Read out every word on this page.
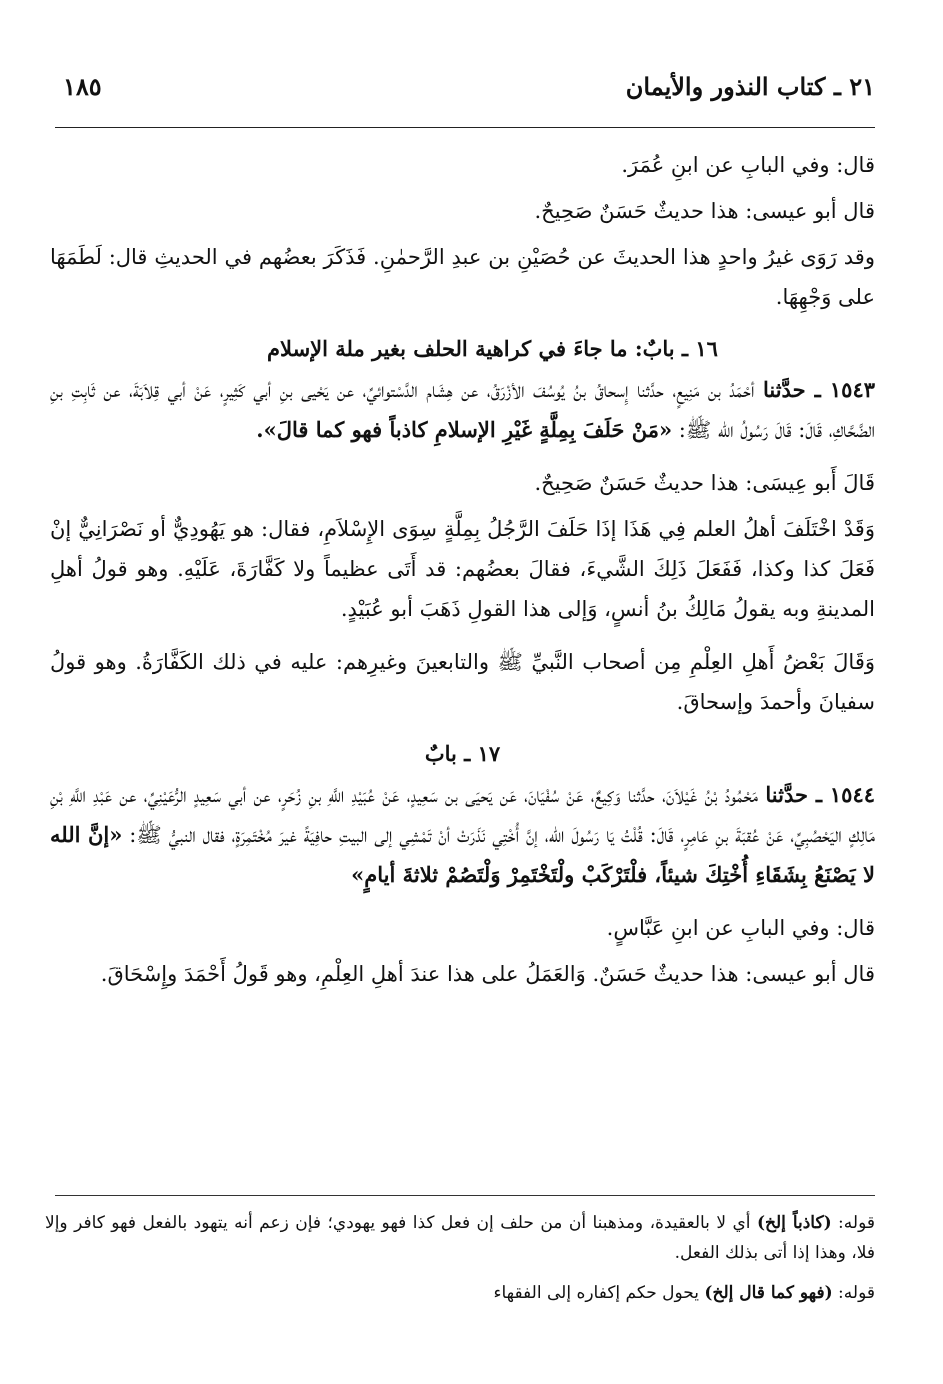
٢١ ـ كتاب النذور والأيمان
١٨٥

قال: وفي البابِ عن ابنِ عُمَرَ.

قال أبو عيسى: هذا حديثٌ حَسَنٌ صَحِيحٌ.

وقد رَوَى غيرُ واحدٍ هذا الحديثَ عن حُصَيْنِ بن عبدِ الرَّحمٰنِ. فَذَكَرَ بعضُهم في الحديثِ قال: لَطَمَهَا على وَجْهِهَا.

١٦ ـ بابٌ: ما جاءَ في كراهية الحلف بغير ملة الإسلام

١٥٤٣ ـ حدَّثنا أحْمَدُ بن مَنِيعٍ، حدَّثنا إِسحاقُ بنُ يُوسُفَ الأزْرَقُ، عن هِشَام الدَّسْتوائيِّ، عن يَحْيى بنِ أبي كَثِيرٍ، عَنْ أبي قِلاَبَةَ، عن ثَابِتِ بنِ الضَّحَّاكِ، قَالَ: قَالَ رَسُولُ الله ﷺ: «مَنْ حَلَفَ بِمِلَّةٍ غَيْرِ الإسلامِ كاذباً فهو كما قالَ».

قَالَ أَبو عِيسَى: هذا حديثٌ حَسَنٌ صَحِيحٌ.

وَقَدْ اخْتَلَفَ أهلُ العلم فِي هَذَا إذَا حَلَفَ الرَّجُلُ بِمِلَّةٍ سِوَى الإِسْلاَمِ، فقال: هو يَهُودِيٌّ أو نَصْرَانِيٌّ إنْ فَعَلَ كذا وكذا، فَفَعَلَ ذَلِكَ الشَّيءَ، فقالَ بعضُهم: قد أَتَى عظيماً ولا كَفَّارَةَ، عَلَيْهِ. وهو قولُ أهلِ المدينةِ وبه يقولُ مَالِكُ بنُ أنسٍ، وَإلى هذا القولِ ذَهَبَ أبو عُبَيْدٍ.

وَقَالَ بَعْضُ أَهلِ العِلْمِ مِن أصحاب النَّبيِّ ﷺ والتابعينَ وغيرِهم: عليه في ذلك الكَفَّارَةُ. وهو قولُ سفيانَ وأحمدَ وإسحاقَ.

١٧ ـ بابٌ

١٥٤٤ ـ حدَّثنا مَحْمُودُ بْنُ غَيْلاَنَ، حدَّثنا وَكِيعٌ، عَنْ سُفْيَانَ، عَن يَحيَى بن سَعِيدٍ، عَنْ عُبَيْدِ اللَّهِ بنِ زُحَرٍ، عن أبي سَعِيدٍ الرُّعَيْنِيِّ، عن عَبْدِ اللَّهِ بْنِ مَالِكٍ اليَحْصُبِيِّ، عَنْ عُقبَةَ بنِ عَامِرٍ، قَالَ: قُلْتُ يَا رَسُولَ الله، إنَّ أُخْتِي نَذَرَتْ أنْ تَمْشِي إلى البيتِ حافِيَةً غيرَ مُخْتَمِرَةٍ، فقال النبيُّ ﷺ: «إنَّ الله لا يَصْنَعُ بِشَقَاءِ أُخْتِكَ شيئاً، فلْتَرْكَبْ ولْتَخْتَمِرْ وَلْتَصُمْ ثلاثةَ أيامٍ»

قال: وفي البابِ عن ابنِ عَبَّاسٍ.

قال أبو عيسى: هذا حديثٌ حَسَنٌ. وَالعَمَلُ على هذا عندَ أهلِ العِلْمِ، وهو قَولُ أَحْمَدَ وإِسْحَاقَ.

قوله: (كاذباً إلخ) أي لا بالعقيدة، ومذهبنا أن من حلف إن فعل كذا فهو يهودي؛ فإن زعم أنه يتهود بالفعل فهو كافر وإلا فلا، وهذا إذا أتى بذلك الفعل.

قوله: (فهو كما قال إلخ) يحول حكم إكفاره إلى الفقهاء
